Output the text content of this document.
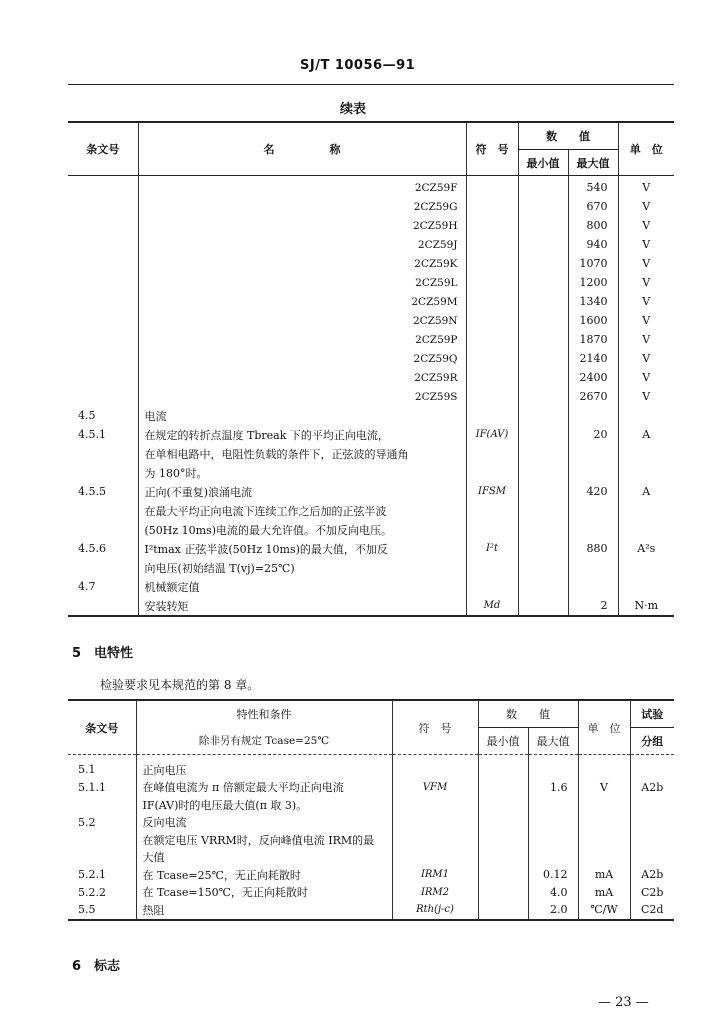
SJ/T 10056—91
续表
条文号	名　　　　　称	符　号	数　　值		单　位
			最小值	最大值	
	2CZ59F			540	V
	2CZ59G			670	V
	2CZ59H			800	V
	2CZ59J			940	V
	2CZ59K			1070	V
	2CZ59L			1200	V
	2CZ59M			1340	V
	2CZ59N			1600	V
	2CZ59P			1870	V
	2CZ59Q			2140	V
	2CZ59R			2400	V
	2CZ59S			2670	V
4.5	电流				
4.5.1	在规定的转折点温度 Tbreak 下的平均正向电流，	IF(AV)		20	A
	在单相电路中，电阻性负载的条件下，正弦波的导通角				
	为 180°时。				
4.5.5	正向(不重复)浪涌电流	IFSM		420	A
	在最大平均正向电流下连续工作之后加的正弦半波				
	(50Hz 10ms)电流的最大允许值。不加反向电压。				
4.5.6	I²tmax 正弦半波(50Hz 10ms)的最大值，不加反	I²t		880	A²s
	向电压(初始结温 T(vj)=25℃)				
4.7	机械额定值				
	安装转矩	Md		2	N·m
5　电特性
检验要求见本规范的第 8 章。
条文号	特性和条件	符　号	数　　值		单　位	试验
	除非另有规定 Tcase=25℃		最小值	最大值		分组
5.1	正向电压					
5.1.1	在峰值电流为 π 倍额定最大平均正向电流	VFM		1.6	V	A2b
	IF(AV)时的电压最大值(π 取 3)。					
5.2	反向电流					
	在额定电压 VRRM时，反向峰值电流 IRM的最					
	大值					
5.2.1	在 Tcase=25℃，无正向耗散时	IRM1		0.12	mA	A2b
5.2.2	在 Tcase=150℃，无正向耗散时	IRM2		4.0	mA	C2b
5.5	热阻	Rth(j-c)		2.0	℃/W	C2d
6　标志
— 23 —
